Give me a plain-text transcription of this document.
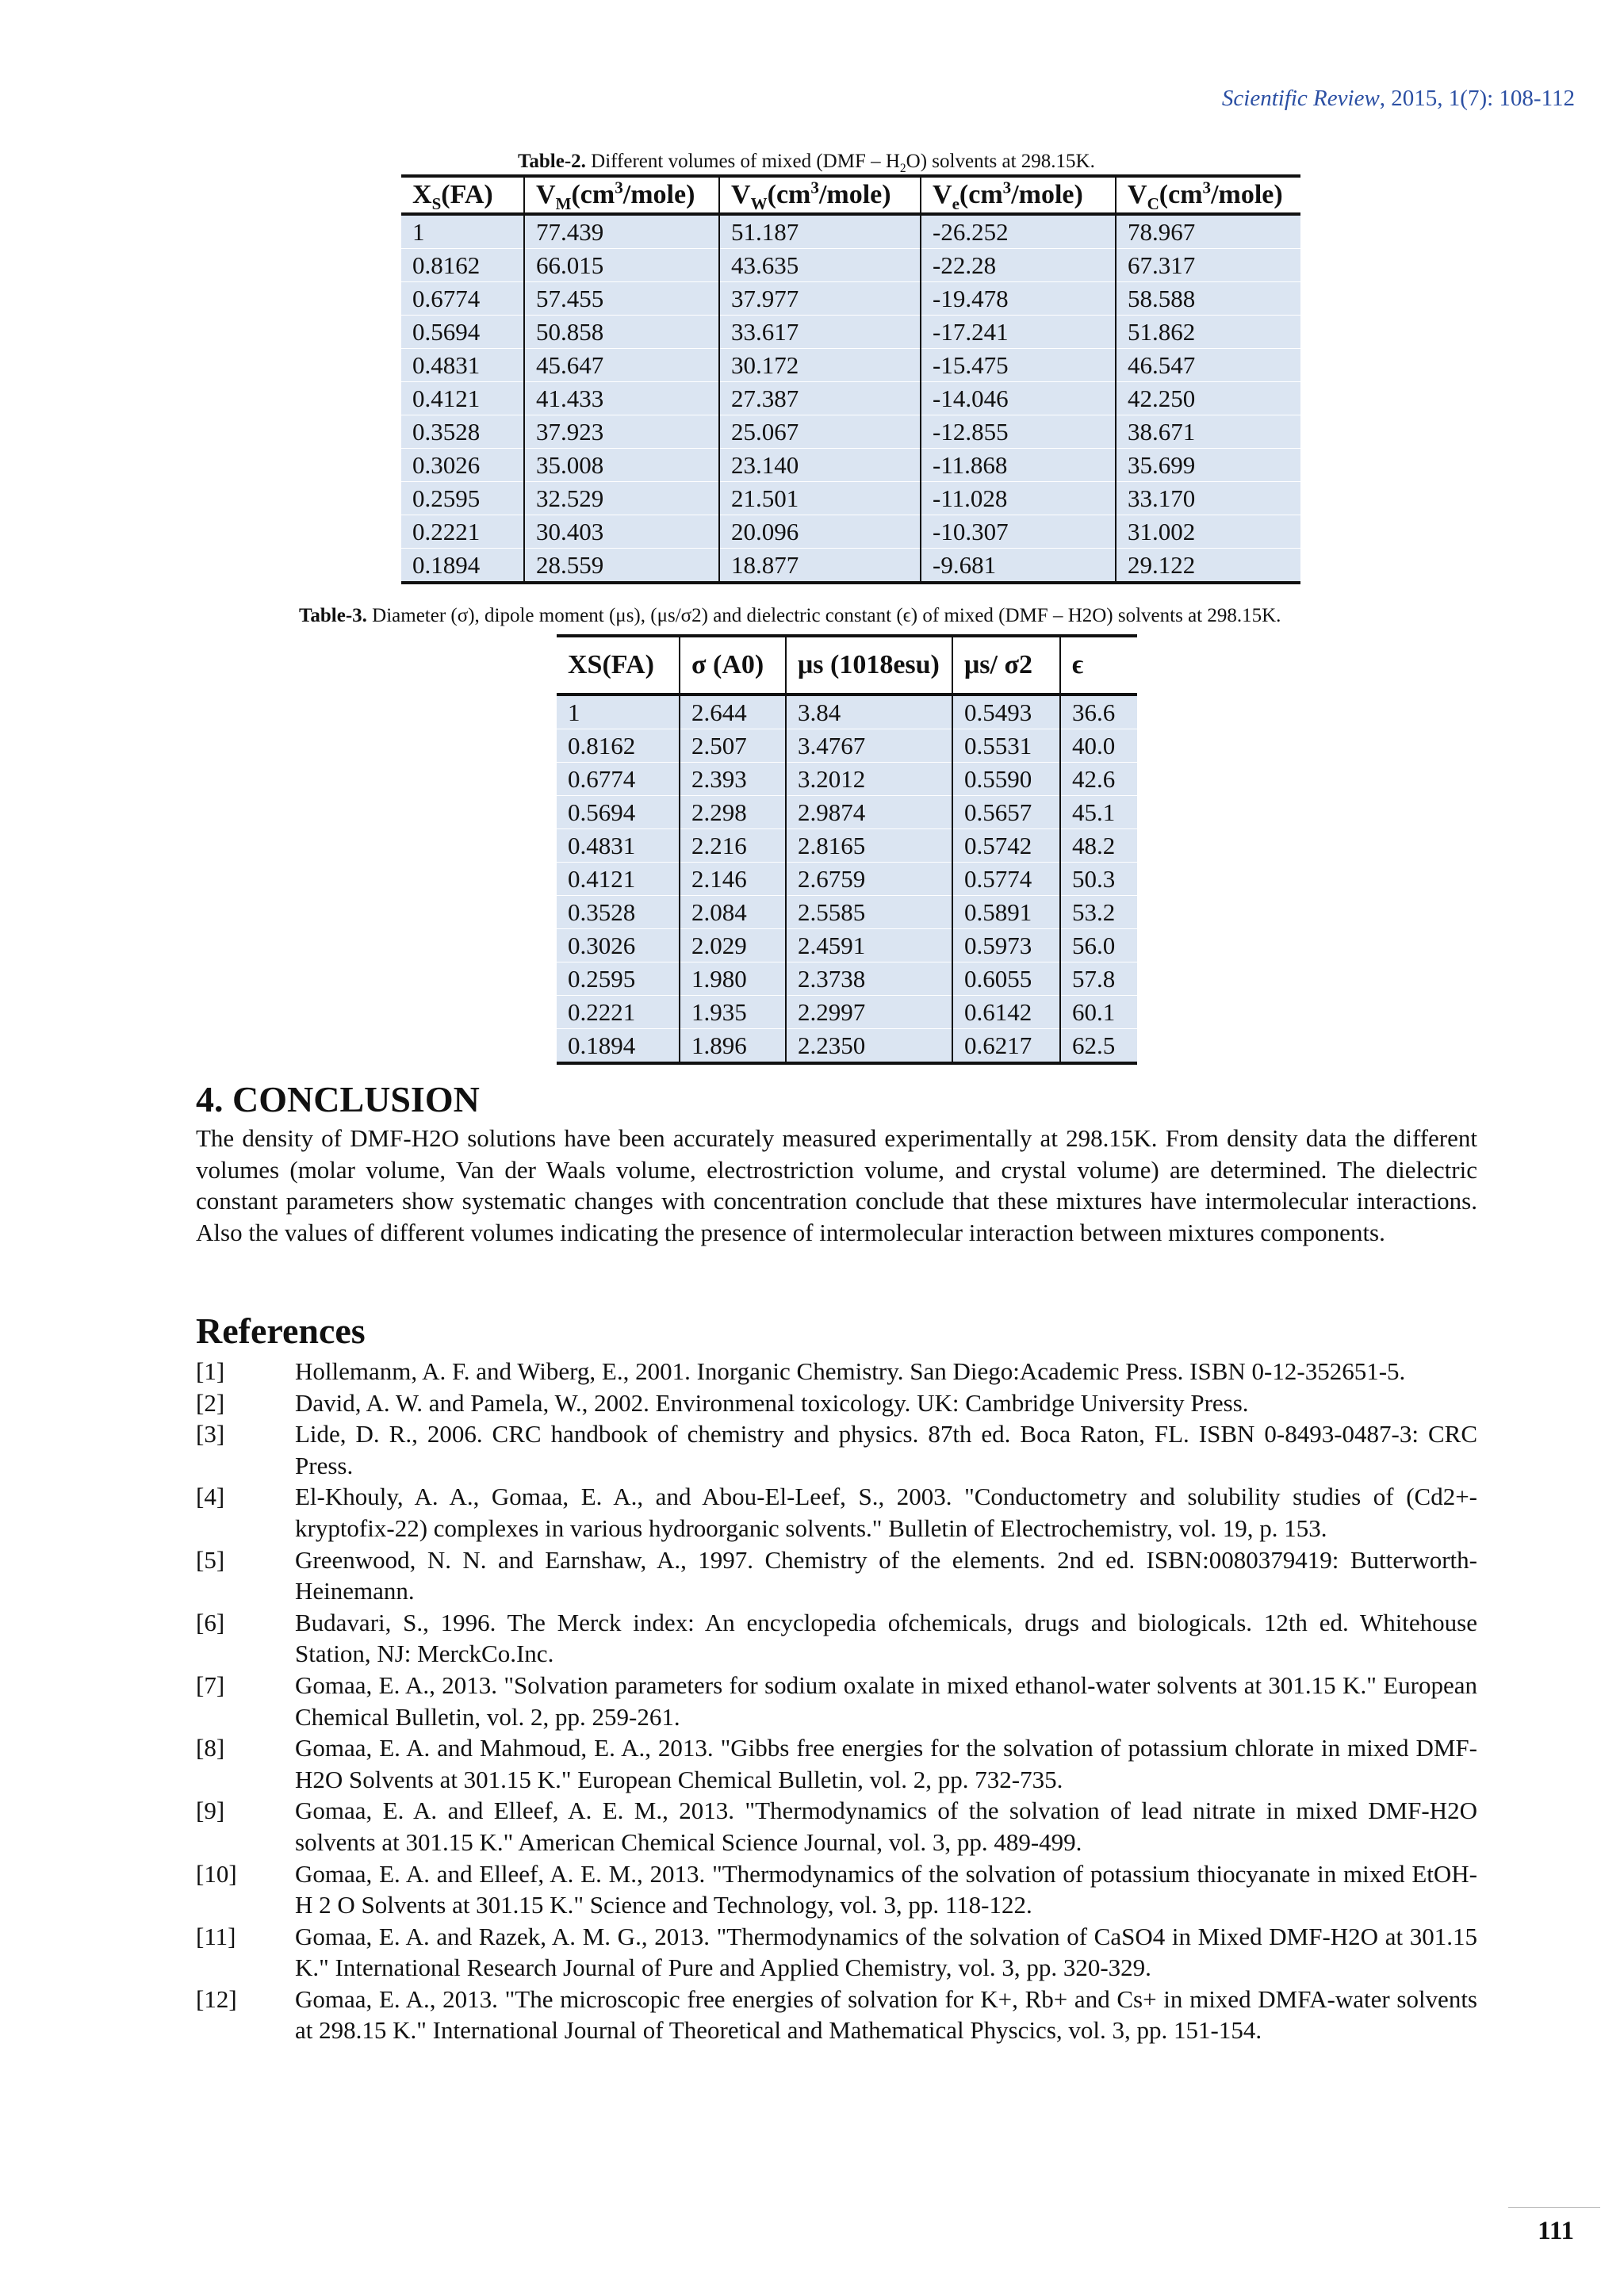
Scientific Review, 2015, 1(7): 108-112
Table-2. Different volumes of mixed $(DMF - H_2O)$ solvents at 298.15K.
$X_S(FA)$	$V_M(cm^3/mole)$	$V_W(cm^3/mole)$	$V_e(cm^3/mole)$	$V_C(cm^3/mole)$
1	77.439	51.187	-26.252	78.967
0.8162	66.015	43.635	-22.28	67.317
0.6774	57.455	37.977	-19.478	58.588
0.5694	50.858	33.617	-17.241	51.862
0.4831	45.647	30.172	-15.475	46.547
0.4121	41.433	27.387	-14.046	42.250
0.3528	37.923	25.067	-12.855	38.671
0.3026	35.008	23.140	-11.868	35.699
0.2595	32.529	21.501	-11.028	33.170
0.2221	30.403	20.096	-10.307	31.002
0.1894	28.559	18.877	-9.681	29.122
Table-3. Diameter (σ), dipole moment (μs), (μs/σ2) and dielectric constant (ϵ) of mixed (DMF – H2O) solvents at 298.15K.
XS(FA)	σ (A0)	μs (1018esu)	μs/ σ2	ϵ
1	2.644	3.84	0.5493	36.6
0.8162	2.507	3.4767	0.5531	40.0
0.6774	2.393	3.2012	0.5590	42.6
0.5694	2.298	2.9874	0.5657	45.1
0.4831	2.216	2.8165	0.5742	48.2
0.4121	2.146	2.6759	0.5774	50.3
0.3528	2.084	2.5585	0.5891	53.2
0.3026	2.029	2.4591	0.5973	56.0
0.2595	1.980	2.3738	0.6055	57.8
0.2221	1.935	2.2997	0.6142	60.1
0.1894	1.896	2.2350	0.6217	62.5
4. CONCLUSION

The density of DMF-H2O solutions have been accurately measured experimentally at 298.15K. From density data the different volumes (molar volume, Van der Waals volume, electrostriction volume, and crystal volume) are determined. The dielectric constant parameters show systematic changes with concentration conclude that these mixtures have intermolecular interactions. Also the values of different volumes indicating the presence of intermolecular interaction between mixtures components.

References
[1]	Hollemanm, A. F. and Wiberg, E., 2001. Inorganic Chemistry. San Diego:Academic Press. ISBN 0-12-352651-5.
[2]	David, A. W. and Pamela, W., 2002. Environmenal toxicology. UK: Cambridge University Press.
[3]	Lide, D. R., 2006. CRC handbook of chemistry and physics. 87th ed. Boca Raton, FL. ISBN 0-8493-0487-3: CRC Press.
[4]	El-Khouly, A. A., Gomaa, E. A., and Abou-El-Leef, S., 2003. "Conductometry and solubility studies of (Cd2+-kryptofix-22) complexes in various hydroorganic solvents." Bulletin of Electrochemistry, vol. 19, p. 153.
[5]	Greenwood, N. N. and Earnshaw, A., 1997. Chemistry of the elements. 2nd ed. ISBN:0080379419: Butterworth-Heinemann.
[6]	Budavari, S., 1996. The Merck index: An encyclopedia ofchemicals, drugs and biologicals. 12th ed. Whitehouse Station, NJ: MerckCo.Inc.
[7]	Gomaa, E. A., 2013. "Solvation parameters for sodium oxalate in mixed ethanol-water solvents at 301.15 K." European Chemical Bulletin, vol. 2, pp. 259-261.
[8]	Gomaa, E. A. and Mahmoud, E. A., 2013. "Gibbs free energies for the solvation of potassium chlorate in mixed DMF-H2O Solvents at 301.15 K." European Chemical Bulletin, vol. 2, pp. 732-735.
[9]	Gomaa, E. A. and Elleef, A. E. M., 2013. "Thermodynamics of the solvation of lead nitrate in mixed DMF-H2O solvents at 301.15 K." American Chemical Science Journal, vol. 3, pp. 489-499.
[10]	Gomaa, E. A. and Elleef, A. E. M., 2013. "Thermodynamics of the solvation of potassium thiocyanate in mixed EtOH-H 2 O Solvents at 301.15 K." Science and Technology, vol. 3, pp. 118-122.
[11]	Gomaa, E. A. and Razek, A. M. G., 2013. "Thermodynamics of the solvation of CaSO4 in Mixed DMF-H2O at 301.15 K." International Research Journal of Pure and Applied Chemistry, vol. 3, pp. 320-329.
[12]	Gomaa, E. A., 2013. "The microscopic free energies of solvation for K+, Rb+ and Cs+ in mixed DMFA-water solvents at 298.15 K." International Journal of Theoretical and Mathematical Physcics, vol. 3, pp. 151-154.
111
